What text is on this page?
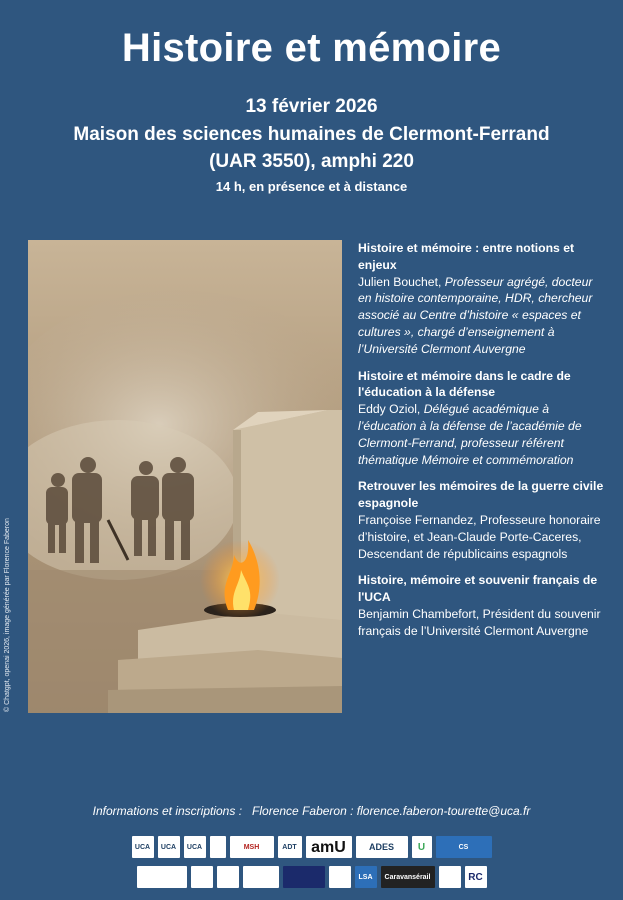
Histoire et mémoire
13 février 2026
Maison des sciences humaines de Clermont-Ferrand
(UAR 3550), amphi 220
14 h, en présence et à distance
© Chatgpt, openai 2026, image générée par Florence Faberon
Histoire et mémoire : entre notions et enjeux
Julien Bouchet, Professeur agrégé, docteur en histoire contemporaine, HDR, chercheur associé au Centre d’histoire « espaces et cultures », chargé d’enseignement à l’Université Clermont Auvergne
Histoire et mémoire dans le cadre de l'éducation à la défense
Eddy Oziol, Délégué académique à l’éducation à la défense de l’académie de Clermont-Ferrand, professeur référent thématique Mémoire et commémoration
Retrouver les mémoires de la guerre civile espagnole
Françoise Fernandez, Professeure honoraire d’histoire, et Jean-Claude Porte-Caceres, Descendant de républicains espagnols
Histoire, mémoire et souvenir français de l'UCA
Benjamin Chambefort, Président du souvenir français de l’Université Clermont Auvergne
Informations et inscriptions : Florence Faberon : florence.faberon-tourette@uca.fr
UCA	UCA	UCA	MSH	ADT amU	ADES	U	CS
LSA	Caravansérail	RC
